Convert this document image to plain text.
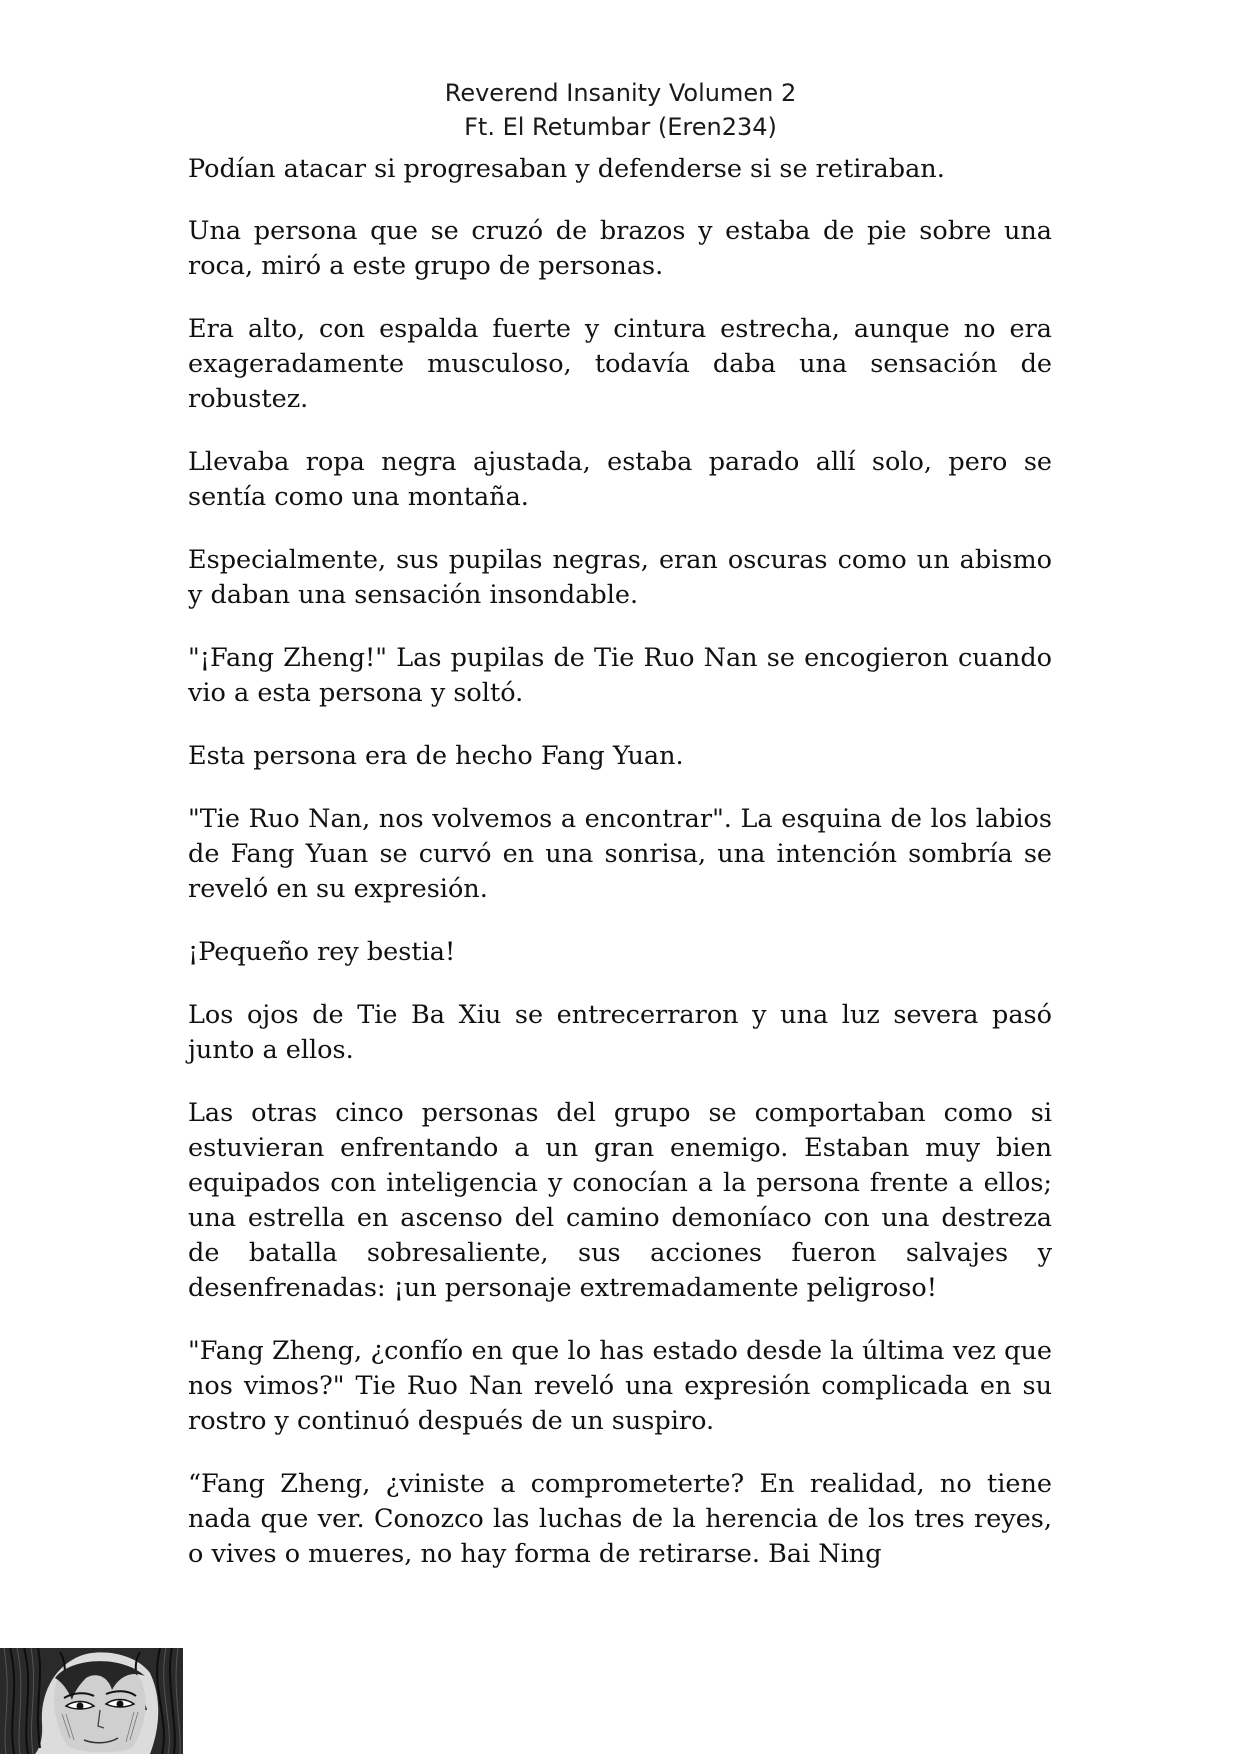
Reverend Insanity Volumen 2
Ft. El Retumbar (Eren234)

Podían atacar si progresaban y defenderse si se retiraban.

Una persona que se cruzó de brazos y estaba de pie sobre una roca, miró a este grupo de personas.

Era alto, con espalda fuerte y cintura estrecha, aunque no era exageradamente musculoso, todavía daba una sensación de robustez.

Llevaba ropa negra ajustada, estaba parado allí solo, pero se sentía como una montaña.

Especialmente, sus pupilas negras, eran oscuras como un abismo y daban una sensación insondable.

"¡Fang Zheng!" Las pupilas de Tie Ruo Nan se encogieron cuando vio a esta persona y soltó.

Esta persona era de hecho Fang Yuan.

"Tie Ruo Nan, nos volvemos a encontrar". La esquina de los labios de Fang Yuan se curvó en una sonrisa, una intención sombría se reveló en su expresión.

¡Pequeño rey bestia!

Los ojos de Tie Ba Xiu se entrecerraron y una luz severa pasó junto a ellos.

Las otras cinco personas del grupo se comportaban como si estuvieran enfrentando a un gran enemigo. Estaban muy bien equipados con inteligencia y conocían a la persona frente a ellos; una estrella en ascenso del camino demoníaco con una destreza de batalla sobresaliente, sus acciones fueron salvajes y desenfrenadas: ¡un personaje extremadamente peligroso!

"Fang Zheng, ¿confío en que lo has estado desde la última vez que nos vimos?" Tie Ruo Nan reveló una expresión complicada en su rostro y continuó después de un suspiro.

“Fang Zheng, ¿viniste a comprometerte? En realidad, no tiene nada que ver. Conozco las luchas de la herencia de los tres reyes, o vives o mueres, no hay forma de retirarse. Bai Ning
